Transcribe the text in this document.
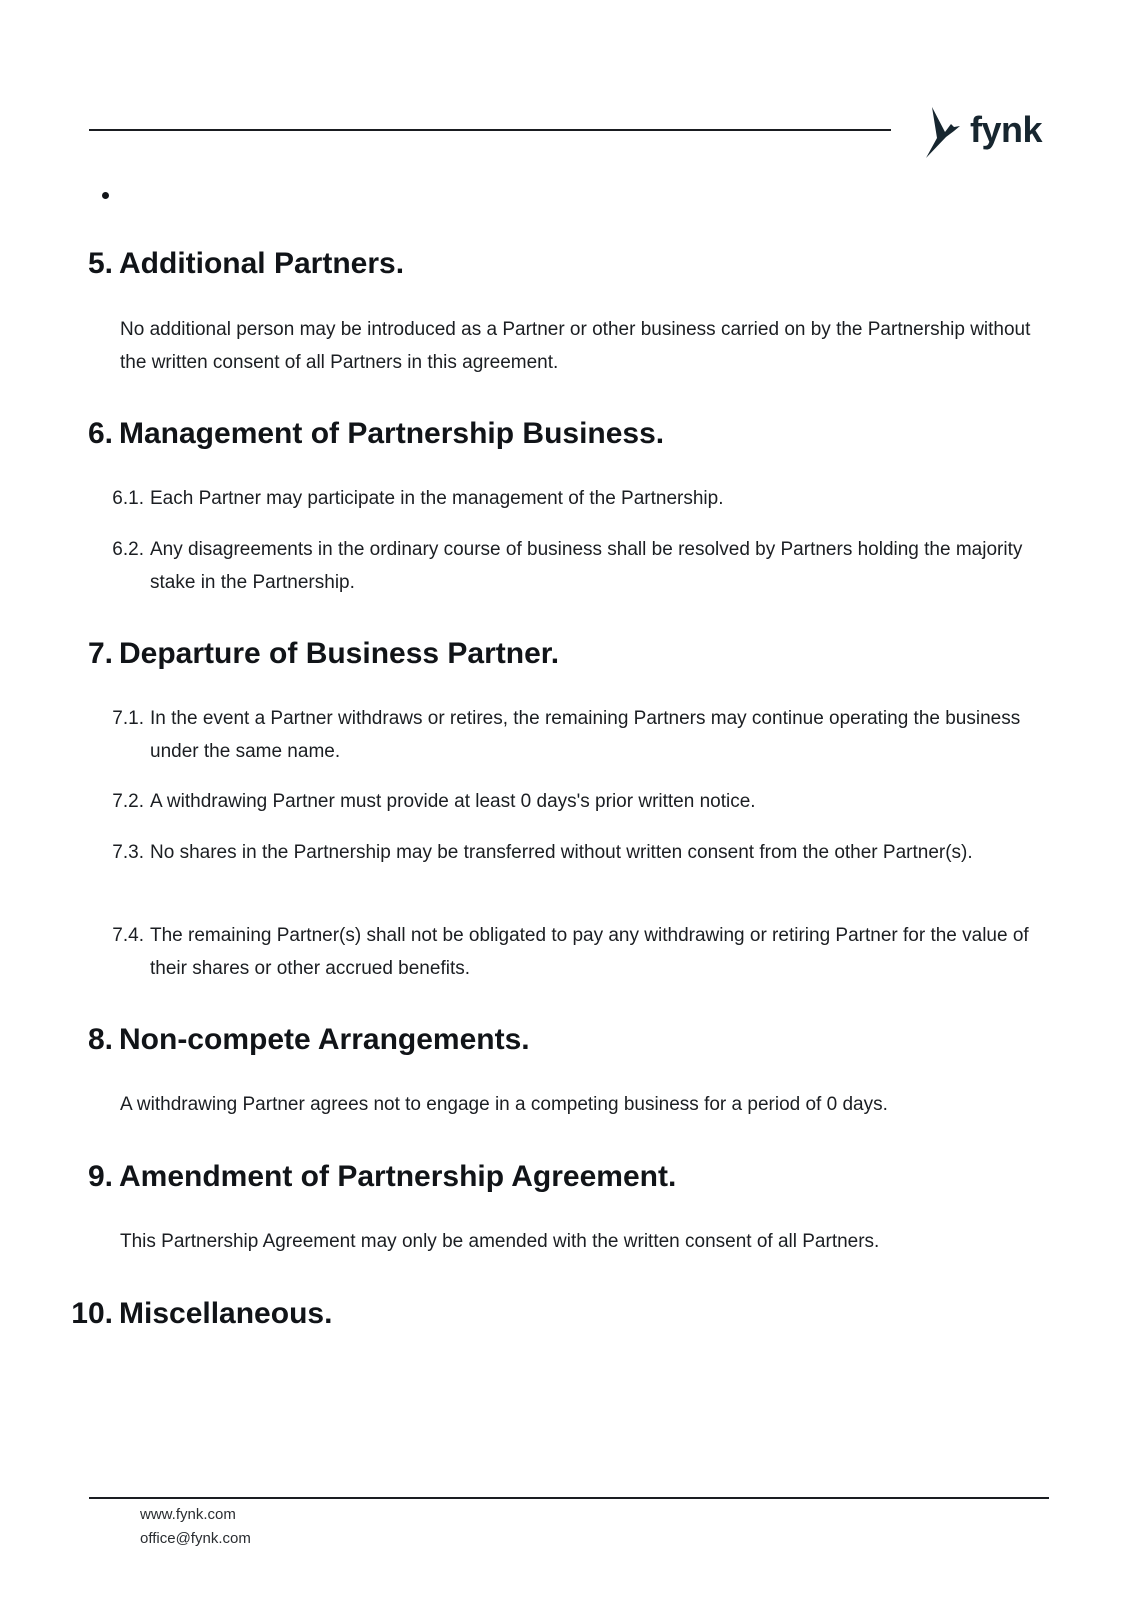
fynk
5. Additional Partners.
No additional person may be introduced as a Partner or other business carried on by the Partnership without the written consent of all Partners in this agreement.
6. Management of Partnership Business.
6.1. Each Partner may participate in the management of the Partnership.
6.2. Any disagreements in the ordinary course of business shall be resolved by Partners holding the majority stake in the Partnership.
7. Departure of Business Partner.
7.1. In the event a Partner withdraws or retires, the remaining Partners may continue operating the business under the same name.
7.2. A withdrawing Partner must provide at least 0 days's prior written notice.
7.3. No shares in the Partnership may be transferred without written consent from the other Partner(s).
7.4. The remaining Partner(s) shall not be obligated to pay any withdrawing or retiring Partner for the value of their shares or other accrued benefits.
8. Non-compete Arrangements.
A withdrawing Partner agrees not to engage in a competing business for a period of 0 days.
9. Amendment of Partnership Agreement.
This Partnership Agreement may only be amended with the written consent of all Partners.
10. Miscellaneous.
www.fynk.com
office@fynk.com
